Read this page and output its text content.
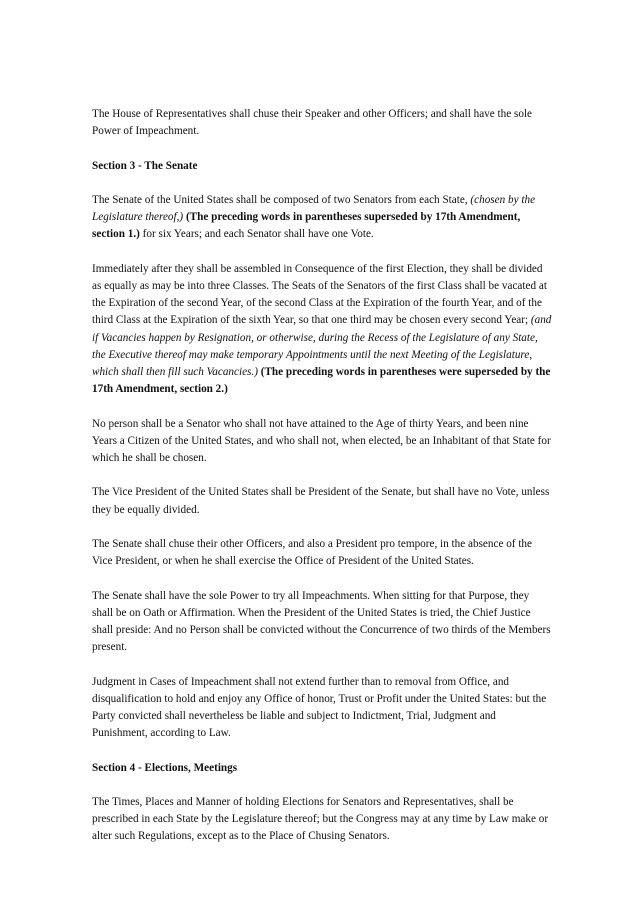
The House of Representatives shall chuse their Speaker and other Officers; and shall have the sole Power of Impeachment.

Section 3 - The Senate

The Senate of the United States shall be composed of two Senators from each State, (chosen by the Legislature thereof,) (The preceding words in parentheses superseded by 17th Amendment, section 1.) for six Years; and each Senator shall have one Vote.

Immediately after they shall be assembled in Consequence of the first Election, they shall be divided as equally as may be into three Classes. The Seats of the Senators of the first Class shall be vacated at the Expiration of the second Year, of the second Class at the Expiration of the fourth Year, and of the third Class at the Expiration of the sixth Year, so that one third may be chosen every second Year; (and if Vacancies happen by Resignation, or otherwise, during the Recess of the Legislature of any State, the Executive thereof may make temporary Appointments until the next Meeting of the Legislature, which shall then fill such Vacancies.) (The preceding words in parentheses were superseded by the 17th Amendment, section 2.)

No person shall be a Senator who shall not have attained to the Age of thirty Years, and been nine Years a Citizen of the United States, and who shall not, when elected, be an Inhabitant of that State for which he shall be chosen.

The Vice President of the United States shall be President of the Senate, but shall have no Vote, unless they be equally divided.

The Senate shall chuse their other Officers, and also a President pro tempore, in the absence of the Vice President, or when he shall exercise the Office of President of the United States.

The Senate shall have the sole Power to try all Impeachments. When sitting for that Purpose, they shall be on Oath or Affirmation. When the President of the United States is tried, the Chief Justice shall preside: And no Person shall be convicted without the Concurrence of two thirds of the Members present.

Judgment in Cases of Impeachment shall not extend further than to removal from Office, and disqualification to hold and enjoy any Office of honor, Trust or Profit under the United States: but the Party convicted shall nevertheless be liable and subject to Indictment, Trial, Judgment and Punishment, according to Law.

Section 4 - Elections, Meetings

The Times, Places and Manner of holding Elections for Senators and Representatives, shall be prescribed in each State by the Legislature thereof; but the Congress may at any time by Law make or alter such Regulations, except as to the Place of Chusing Senators.
